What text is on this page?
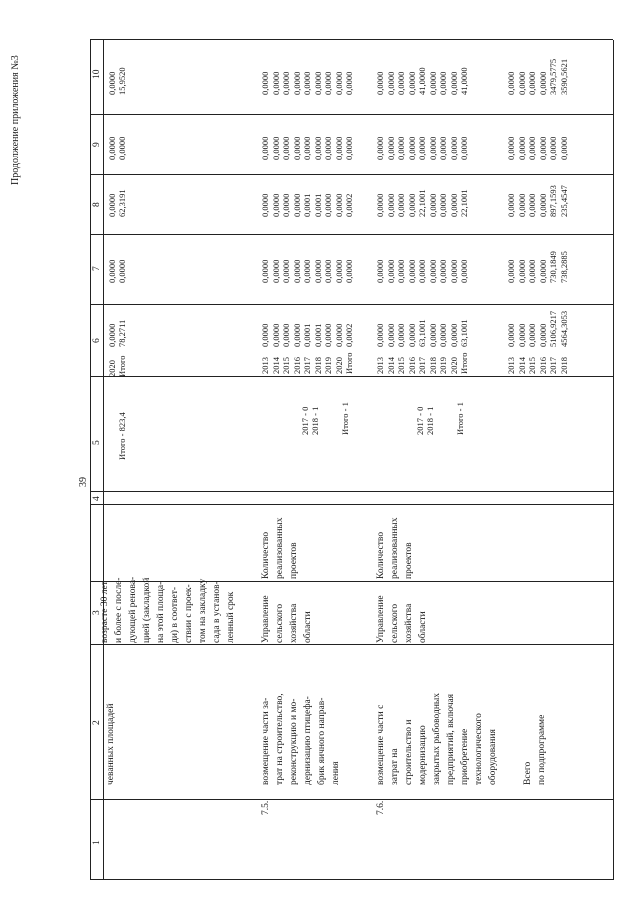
39
Продолжение приложения №3
1
2
3
4
5
6
7
8
9
10
2020
0,0000
0,0000
0,0000
0,0000
0,0000
Итого - 823,4
Итого
78,2711
0,0000
62,3191
0,0000
15,9520
чеванных площадей
возрасте 30 лет и более с после- дующей ренова- цией (закладкой на этой площа- ди) в соответ- ствии с проек- том на закладку сада в установ- ленный срок
7.5.
возмещение части за- трат на строительство, реконструкцию и мо- дернизацию птицефа- брик яичного направ- ления
Управление сельского хозяйства области
Количество реализованных проектов
2017 - 0 2018 - 1 Итого - 1
2013
0,0000
0,0000
0,0000
0,0000
0,0000
2014
0,0000
0,0000
0,0000
0,0000
0,0000
2015
0,0000
0,0000
0,0000
0,0000
0,0000
2016
0,0000
0,0000
0,0000
0,0000
0,0000
2017
0,0001
0,0000
0,0001
0,0000
0,0000
2018
0,0001
0,0000
0,0001
0,0000
0,0000
2019
0,0000
0,0000
0,0000
0,0000
0,0000
2020
0,0000
0,0000
0,0000
0,0000
0,0000
Итого
0,0002
0,0000
0,0002
0,0000
0,0000
7.6.
возмещение части с затрат на строительство и модернизацию закрытых рыбоводных предприятий, включая приобретение технологического оборудования
Управление сельского хозяйства области
Количество реализованных проектов
2017 - 0 2018 - 1 Итого - 1
2013
0,0000
0,0000
0,0000
0,0000
0,0000
2014
0,0000
0,0000
0,0000
0,0000
0,0000
2015
0,0000
0,0000
0,0000
0,0000
0,0000
2016
0,0000
0,0000
0,0000
0,0000
0,0000
2017
63,1001
0,0000
22,1001
0,0000
41,0000
2018
0,0000
0,0000
0,0000
0,0000
0,0000
2019
0,0000
0,0000
0,0000
0,0000
0,0000
2020
0,0000
0,0000
0,0000
0,0000
0,0000
Итого
63,1001
0,0000
22,1001
0,0000
41,0000
Всего по подпрограмме
2013
0,0000
0,0000
0,0000
0,0000
0,0000
2014
0,0000
0,0000
0,0000
0,0000
0,0000
2015
0,0000
0,0000
0,0000
0,0000
0,0000
2016
0,0000
0,0000
0,0000
0,0000
0,0000
2017
5106,9217
730,1849
897,1593
0,0000
3479,5775
2018
4564,3053
738,2885
235,4547
0,0000
3590,5621
